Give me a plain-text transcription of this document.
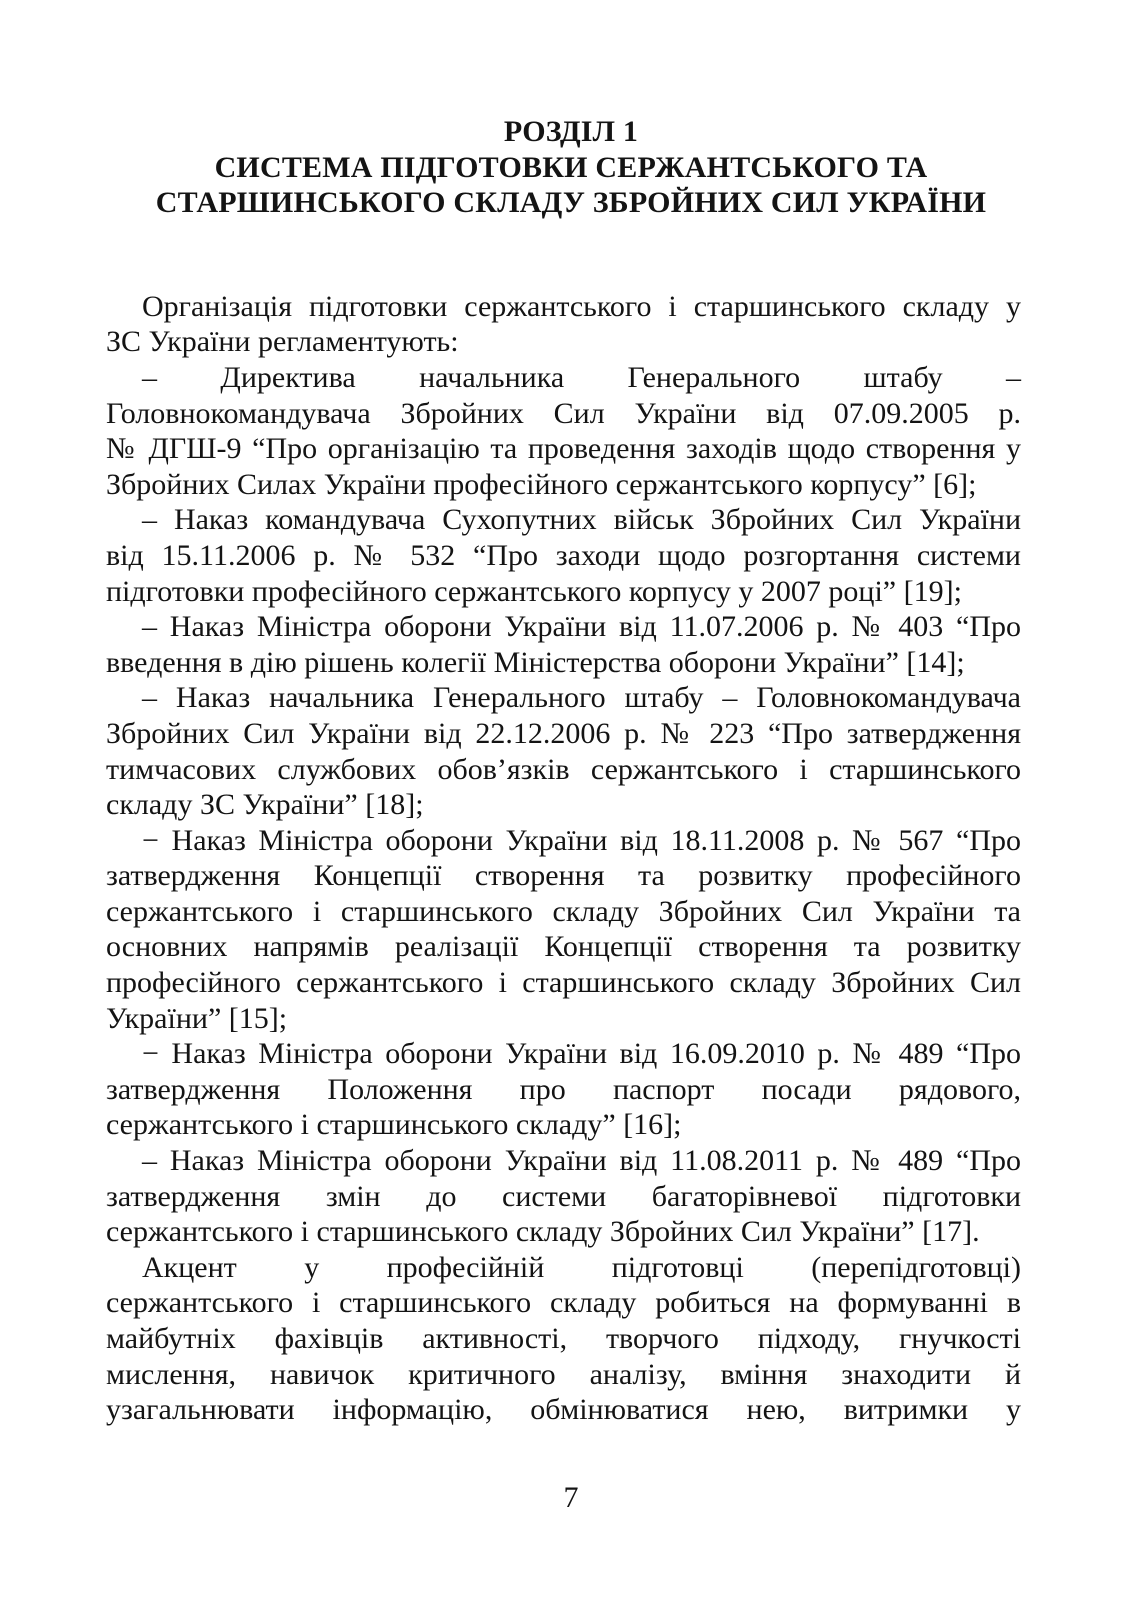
РОЗДІЛ 1
СИСТЕМА ПІДГОТОВКИ СЕРЖАНТСЬКОГО ТА
СТАРШИНСЬКОГО СКЛАДУ ЗБРОЙНИХ СИЛ УКРАЇНИ
Організація підготовки сержантського і старшинського складу у
ЗС України регламентують:
– Директива начальника Генерального штабу –
Головнокомандувача Збройних Сил України від 07.09.2005 р.
№ ДГШ-9 “Про організацію та проведення заходів щодо створення у
Збройних Силах України професійного сержантського корпусу” [6];
– Наказ командувача Сухопутних військ Збройних Сил України
від 15.11.2006 р. № 532 “Про заходи щодо розгортання системи
підготовки професійного сержантського корпусу у 2007 році” [19];
– Наказ Міністра оборони України від 11.07.2006 р. № 403 “Про
введення в дію рішень колегії Міністерства оборони України” [14];
– Наказ начальника Генерального штабу – Головнокомандувача
Збройних Сил України від 22.12.2006 р. № 223 “Про затвердження
тимчасових службових обов’язків сержантського і старшинського
складу ЗС України” [18];
− Наказ Міністра оборони України від 18.11.2008 р. № 567 “Про
затвердження Концепції створення та розвитку професійного
сержантського і старшинського складу Збройних Сил України та
основних напрямів реалізації Концепції створення та розвитку
професійного сержантського і старшинського складу Збройних Сил
України” [15];
− Наказ Міністра оборони України від 16.09.2010 р. № 489 “Про
затвердження Положення про паспорт посади рядового,
сержантського і старшинського складу” [16];
– Наказ Міністра оборони України від 11.08.2011 р. № 489 “Про
затвердження змін до системи багаторівневої підготовки
сержантського і старшинського складу Збройних Сил України” [17].
Акцент у професійній підготовці (перепідготовці)
сержантського і старшинського складу робиться на формуванні в
майбутніх фахівців активності, творчого підходу, гнучкості
мислення, навичок критичного аналізу, вміння знаходити й
узагальнювати інформацію, обмінюватися нею, витримки у
7
